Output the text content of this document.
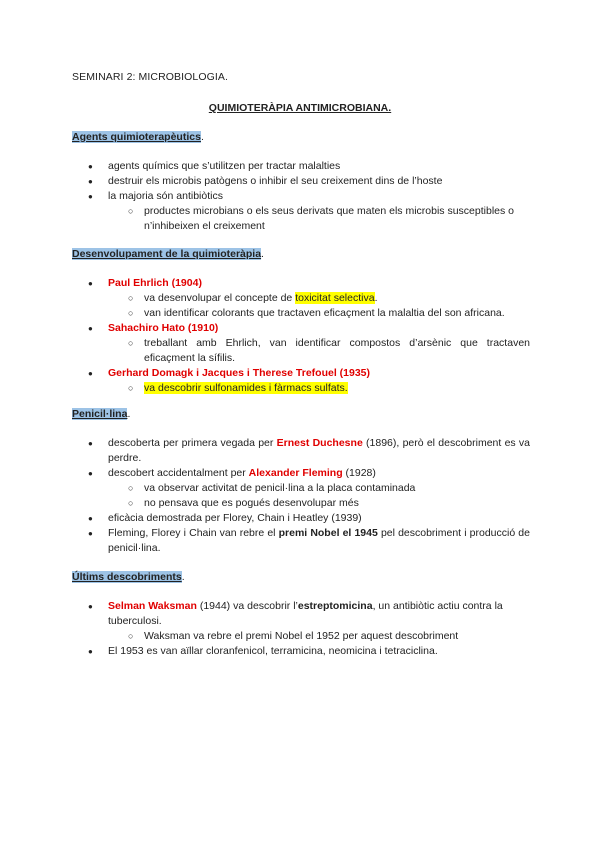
SEMINARI 2: MICROBIOLOGIA.
QUIMIOTERÀPIA ANTIMICROBIANA.
Agents quimioterapèutics.
● agents químics que s’utilitzen per tractar malalties
● destruir els microbis patògens o inhibir el seu creixement dins de l’hoste
● la majoria són antibiòtics
○ productes microbians o els seus derivats que maten els microbis susceptibles o n’inhibeixen el creixement
Desenvolupament de la quimioteràpia.
● Paul Ehrlich (1904)
○ va desenvolupar el concepte de toxicitat selectiva.
○ van identificar colorants que tractaven eficaçment la malaltia del son africana.
● Sahachiro Hato (1910)
○ treballant amb Ehrlich, van identificar compostos d’arsènic que tractaven eficaçment la sífilis.
● Gerhard Domagk i Jacques i Therese Trefouel (1935)
○ va descobrir sulfonamides i fàrmacs sulfats.
Penicil·lina.
● descoberta per primera vegada per Ernest Duchesne (1896), però el descobriment es va perdre.
● descobert accidentalment per Alexander Fleming (1928)
○ va observar activitat de penicil·lina a la placa contaminada
○ no pensava que es pogués desenvolupar més
● eficàcia demostrada per Florey, Chain i Heatley (1939)
● Fleming, Florey i Chain van rebre el premi Nobel el 1945 pel descobriment i producció de penicil·lina.
Últims descobriments.
● Selman Waksman (1944) va descobrir l’estreptomicina, un antibiòtic actiu contra la tuberculosi.
○ Waksman va rebre el premi Nobel el 1952 per aquest descobriment
● El 1953 es van aïllar cloranfenicol, terramicina, neomicina i tetraciclina.
